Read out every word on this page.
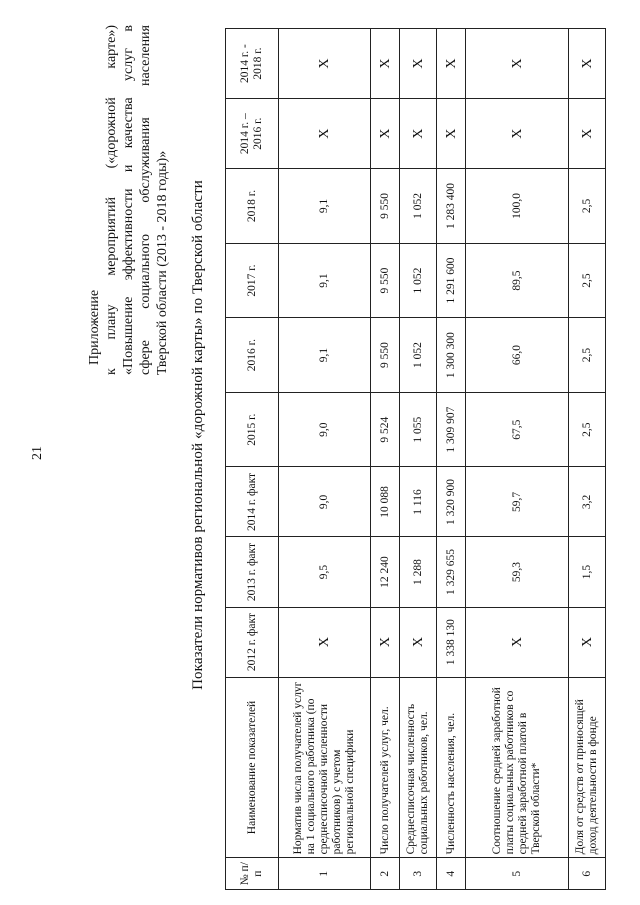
21
Приложение к плану мероприятий («дорожной карте») «Повышение эффективности и качества услуг в сфере социального обслуживания населения Тверской области (2013 - 2018 годы)» Показатели нормативов региональной «дорожной карты» по Тверской области
№ п/п	Наименование показателей	2012 г. факт	2013 г. факт	2014 г. факт	2015 г.	2016 г.	2017 г.	2018 г.	2014 г. – 2016 г.	2014 г. - 2018 г.
1	Норматив числа получателей услуг на 1 социального работника (по среднесписочной численности работников) с учетом региональной специфики	Х	9,5	9,0	9,0	9,1	9,1	9,1	Х	Х
2	Число получателей услуг, чел.	Х	12 240	10 088	9 524	9 550	9 550	9 550	Х	Х
3	Среднесписочная численность социальных работников, чел.	Х	1 288	1 116	1 055	1 052	1 052	1 052	Х	Х
4	Численность населения, чел.	1 338 130	1 329 655	1 320 900	1 309 907	1 300 300	1 291 600	1 283 400	Х	Х
5	Соотношение средней заработной платы социальных работников со средней заработной платой в Тверской области*	Х	59,3	59,7	67,5	66,0	89,5	100,0	Х	Х
6	Доля от средств от приносящей доход деятельности в фонде	Х	1,5	3,2	2,5	2,5	2,5	2,5	Х	Х
